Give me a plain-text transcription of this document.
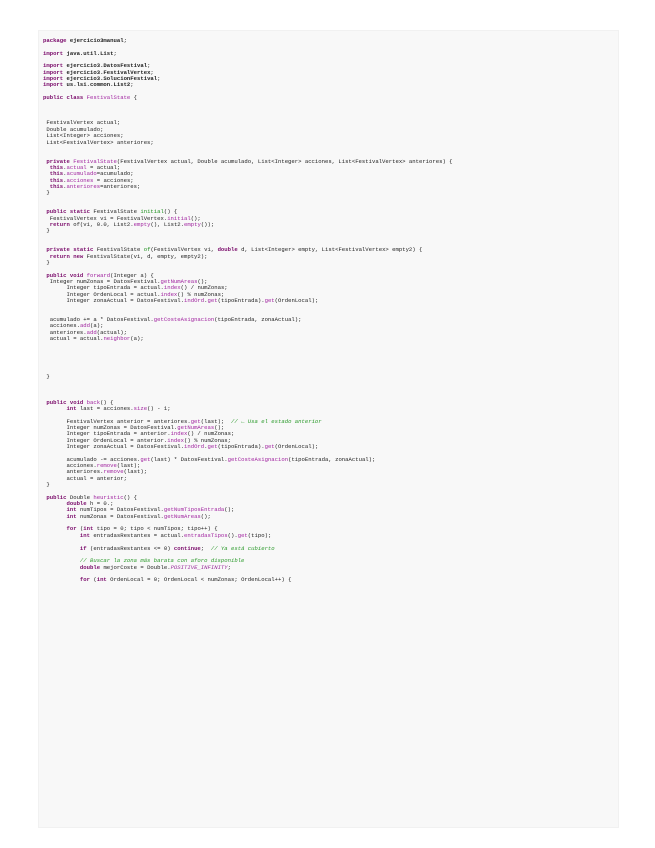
package ejercicio3manual;

import java.util.List;

import ejercicio3.DatosFestival;
import ejercicio3.FestivalVertex;
import ejercicio3.SolucionFestival;
import us.lsi.common.List2;

public class FestivalState {

FestivalVertex actual;
Double acumulado;
List<Integer> acciones;
List<FestivalVertex> anteriores;

private FestivalState(FestivalVertex actual, Double acumulado, List<Integer> acciones, List<FestivalVertex> anteriores) {
this.actual = actual;
this.acumulado=acumulado;
this.acciones = acciones;
this.anteriores=anteriores;
}

public static FestivalState initial() {
FestivalVertex vi = FestivalVertex.initial();
return of(vi, 0.0, List2.empty(), List2.empty());
}

private static FestivalState of(FestivalVertex vi, double d, List<Integer> empty, List<FestivalVertex> empty2) {
return new FestivalState(vi, d, empty, empty2);
}

public void forward(Integer a) {
Integer numZonas = DatosFestival.getNumAreas();
Integer tipoEntrada = actual.index() / numZonas;
Integer OrdenLocal = actual.index() % numZonas;
Integer zonaActual = DatosFestival.indOrd.get(tipoEntrada).get(OrdenLocal);

acumulado += a * DatosFestival.getCosteAsignacion(tipoEntrada, zonaActual);
acciones.add(a);
anteriores.add(actual);
actual = actual.neighbor(a);

}

public void back() {
int last = acciones.size() - 1;

FestivalVertex anterior = anteriores.get(last);  // ← Usa el estado anterior
Integer numZonas = DatosFestival.getNumAreas();
Integer tipoEntrada = anterior.index() / numZonas;
Integer OrdenLocal = anterior.index() % numZonas;
Integer zonaActual = DatosFestival.indOrd.get(tipoEntrada).get(OrdenLocal);

acumulado -= acciones.get(last) * DatosFestival.getCosteAsignacion(tipoEntrada, zonaActual);
acciones.remove(last);
anteriores.remove(last);
actual = anterior;
}

public Double heuristic() {
double h = 0.;
int numTipos = DatosFestival.getNumTiposEntrada();
int numZonas = DatosFestival.getNumAreas();

for (int tipo = 0; tipo < numTipos; tipo++) {
int entradasRestantes = actual.entradasTipos().get(tipo);

if (entradasRestantes <= 0) continue;  // Ya está cubierto

// Buscar la zona más barata con aforo disponible
double mejorCoste = Double.POSITIVE_INFINITY;

for (int OrdenLocal = 0; OrdenLocal < numZonas; OrdenLocal++) {
